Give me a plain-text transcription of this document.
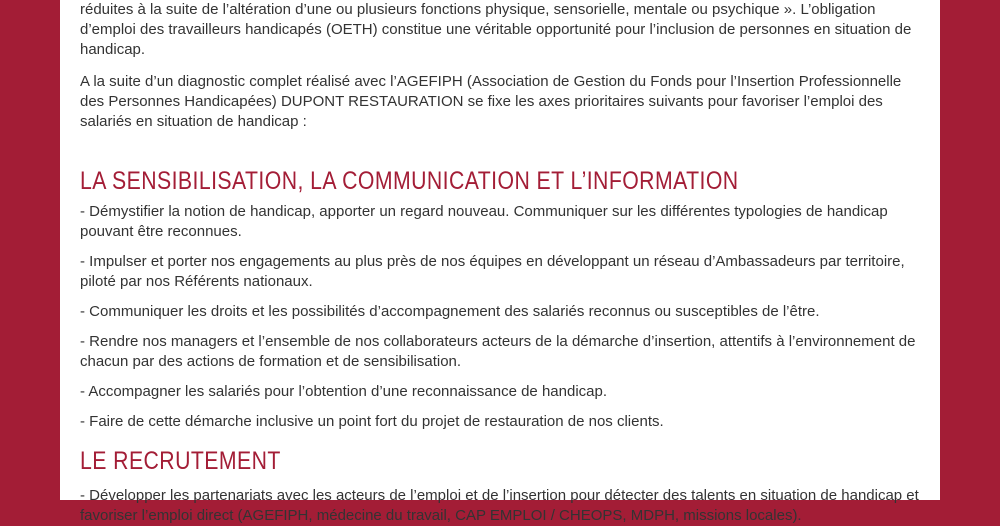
réduites à la suite de l’altération d’une ou plusieurs fonctions physique, sensorielle, mentale ou psychique ». L’obligation d’emploi des travailleurs handicapés (OETH) constitue une véritable opportunité pour l’inclusion de personnes en situation de handicap.

A la suite d’un diagnostic complet réalisé avec l’AGEFIPH (Association de Gestion du Fonds pour l’Insertion Professionnelle des Personnes Handicapées) DUPONT RESTAURATION se fixe les axes prioritaires suivants pour favoriser l’emploi des salariés en situation de handicap :

LA SENSIBILISATION, LA COMMUNICATION ET L’INFORMATION

- Démystifier la notion de handicap, apporter un regard nouveau. Communiquer sur les différentes typologies de handicap pouvant être reconnues.

- Impulser et porter nos engagements au plus près de nos équipes en développant un réseau d’Ambassadeurs par territoire, piloté par nos Référents nationaux.

- Communiquer les droits et les possibilités d’accompagnement des salariés reconnus ou susceptibles de l’être.

- Rendre nos managers et l’ensemble de nos collaborateurs acteurs de la démarche d’insertion, attentifs à l’environnement de chacun par des actions de formation et de sensibilisation.

- Accompagner les salariés pour l’obtention d’une reconnaissance de handicap.

- Faire de cette démarche inclusive un point fort du projet de restauration de nos clients.

LE RECRUTEMENT

- Développer les partenariats avec les acteurs de l’emploi et de l’insertion pour détecter des talents en situation de handicap et favoriser l’emploi direct (AGEFIPH, médecine du travail, CAP EMPLOI / CHEOPS, MDPH, missions locales).
